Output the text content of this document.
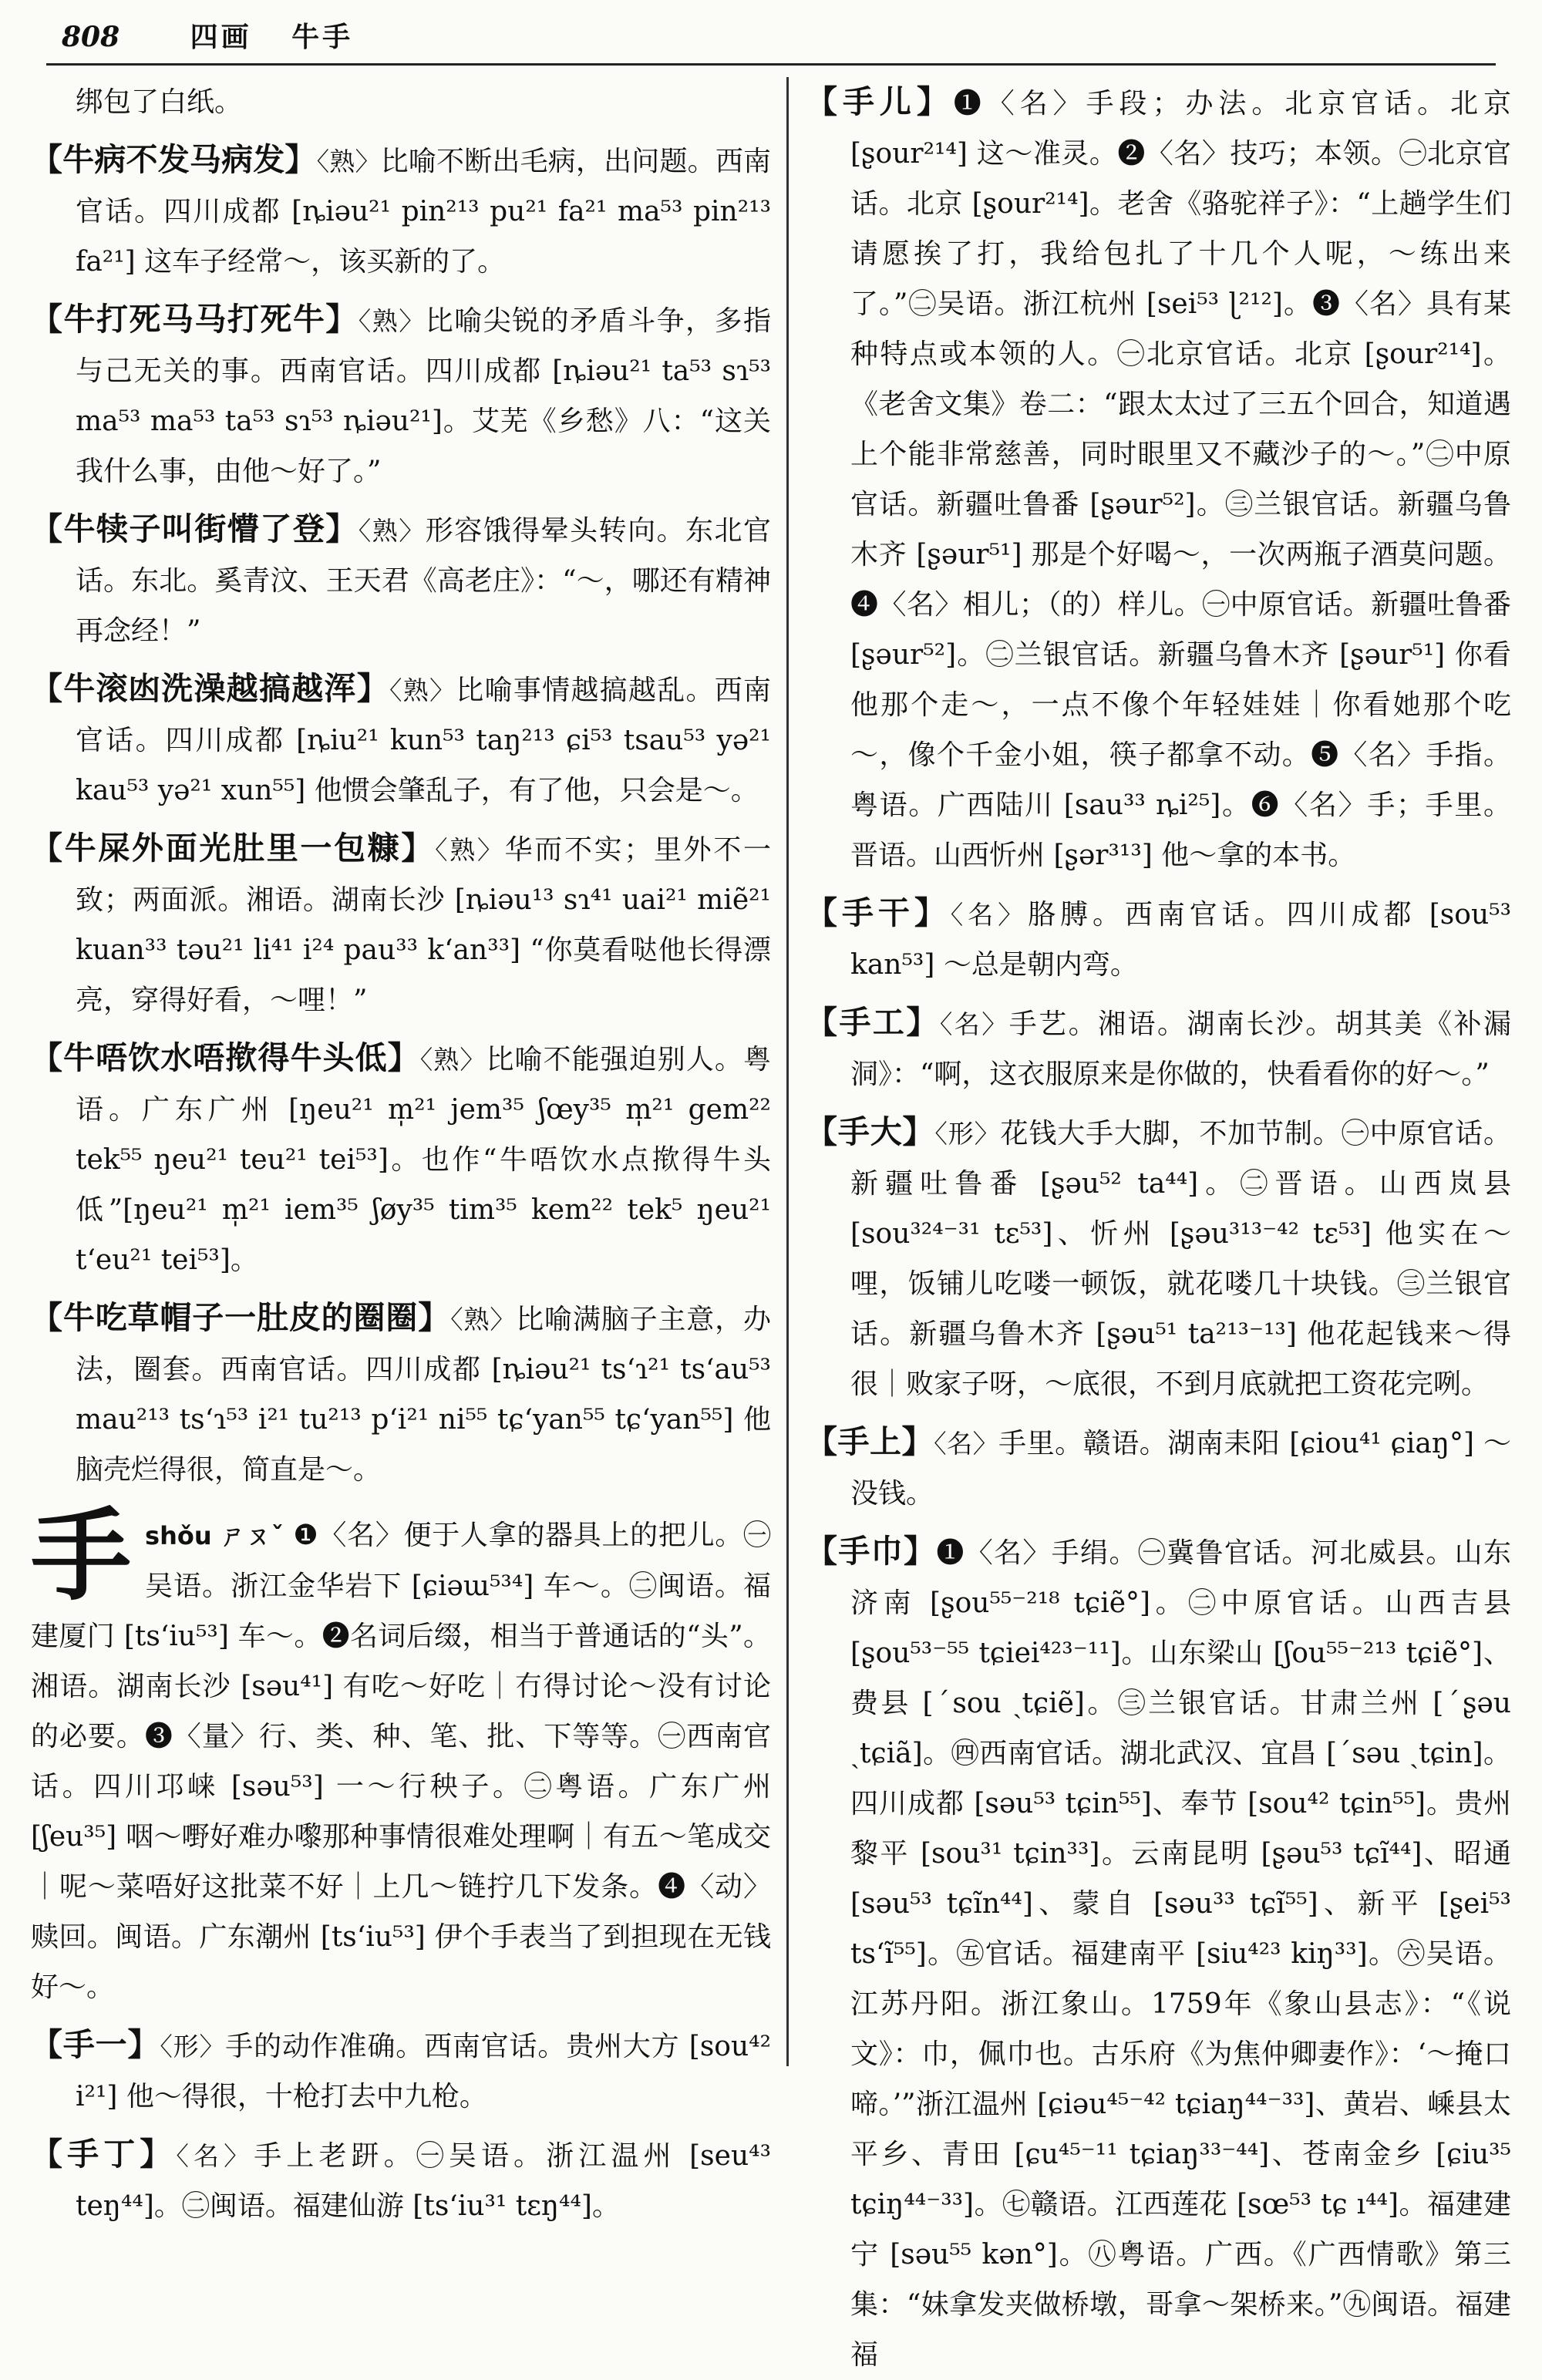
808	四画 牛手

绑包了白纸。

【牛病不发马病发】〈熟〉比喻不断出毛病，出问题。西南官话。四川成都 [ȵiəu²¹ pin²¹³ pu²¹ fa²¹ ma⁵³ pin²¹³ fa²¹] 这车子经常～，该买新的了。

【牛打死马马打死牛】〈熟〉比喻尖锐的矛盾斗争，多指与己无关的事。西南官话。四川成都 [ȵiəu²¹ ta⁵³ sɿ⁵³ ma⁵³ ma⁵³ ta⁵³ sɿ⁵³ ȵiəu²¹]。艾芜《乡愁》八：“这关我什么事，由他～好了。”

【牛犊子叫街懵了登】〈熟〉形容饿得晕头转向。东北官话。东北。奚青汶、王天君《高老庄》：“～，哪还有精神再念经！”

【牛滚凼洗澡越搞越浑】〈熟〉比喻事情越搞越乱。西南官话。四川成都 [ȵiu²¹ kun⁵³ taŋ²¹³ ɕi⁵³ tsau⁵³ yə²¹ kau⁵³ yə²¹ xun⁵⁵] 他惯会肇乱子，有了他，只会是～。

【牛屎外面光肚里一包糠】〈熟〉华而不实；里外不一致；两面派。湘语。湖南长沙 [ȵiəu¹³ sɿ⁴¹ uai²¹ miẽ²¹ kuan³³ təu²¹ li⁴¹ i²⁴ pau³³ k‘an³³] “你莫看哒他长得漂亮，穿得好看，～哩！”

【牛唔饮水唔揿得牛头低】〈熟〉比喻不能强迫别人。粤语。广东广州 [ŋeu²¹ m̩²¹ jem³⁵ ʃœy³⁵ m̩²¹ gem²² tek⁵⁵ ŋeu²¹ teu²¹ tei⁵³]。也作“牛唔饮水点揿得牛头低”[ŋeu²¹ m̩²¹ iem³⁵ ʃøy³⁵ tim³⁵ kem²² tek⁵ ŋeu²¹ t‘eu²¹ tei⁵³]。

【牛吃草帽子一肚皮的圈圈】〈熟〉比喻满脑子主意，办法，圈套。西南官话。四川成都 [ȵiəu²¹ ts‘ɿ²¹ ts‘au⁵³ mau²¹³ ts‘ɿ⁵³ i²¹ tu²¹³ p‘i²¹ ni⁵⁵ tɕ‘yan⁵⁵ tɕ‘yan⁵⁵] 他脑壳烂得很，简直是～。

手shǒu ㄕㄡˇ ❶〈名〉便于人拿的器具上的把儿。㊀吴语。浙江金华岩下 [ɕiəɯ⁵³⁴] 车～。㊁闽语。福建厦门 [ts‘iu⁵³] 车～。❷名词后缀，相当于普通话的“头”。湘语。湖南长沙 [səu⁴¹] 有吃～好吃｜冇得讨论～没有讨论的必要。❸〈量〉行、类、种、笔、批、下等等。㊀西南官话。四川邛崃 [səu⁵³] 一～行秧子。㊁粤语。广东广州 [ʃeu³⁵] 咽～嘢好难办嚟那种事情很难处理啊｜有五～笔成交｜呢～菜唔好这批菜不好｜上几～链拧几下发条。❹〈动〉赎回。闽语。广东潮州 [ts‘iu⁵³] 伊个手表当了到担现在无钱好～。

【手一】〈形〉手的动作准确。西南官话。贵州大方 [sou⁴² i²¹] 他～得很，十枪打去中九枪。

【手丁】〈名〉手上老趼。㊀吴语。浙江温州 [seu⁴³ teŋ⁴⁴]。㊁闽语。福建仙游 [ts‘iu³¹ tɛŋ⁴⁴]。

【手儿】❶〈名〉手段；办法。北京官话。北京 [ʂour²¹⁴] 这～准灵。❷〈名〉技巧；本领。㊀北京官话。北京 [ʂour²¹⁴]。老舍《骆驼祥子》：“上趟学生们请愿挨了打，我给包扎了十几个人呢，～练出来了。”㊁吴语。浙江杭州 [sei⁵³ ɭ²¹²]。❸〈名〉具有某种特点或本领的人。㊀北京官话。北京 [ʂour²¹⁴]。《老舍文集》卷二：“跟太太过了三五个回合，知道遇上个能非常慈善，同时眼里又不藏沙子的～。”㊁中原官话。新疆吐鲁番 [ʂəur⁵²]。㊂兰银官话。新疆乌鲁木齐 [ʂəur⁵¹] 那是个好喝～，一次两瓶子酒莫问题。❹〈名〉相儿；（的）样儿。㊀中原官话。新疆吐鲁番 [ʂəur⁵²]。㊁兰银官话。新疆乌鲁木齐 [ʂəur⁵¹] 你看他那个走～，一点不像个年轻娃娃｜你看她那个吃～，像个千金小姐，筷子都拿不动。❺〈名〉手指。粤语。广西陆川 [sau³³ ȵi²⁵]。❻〈名〉手；手里。晋语。山西忻州 [ʂər³¹³] 他～拿的本书。

【手干】〈名〉胳膊。西南官话。四川成都 [sou⁵³ kan⁵³] ～总是朝内弯。

【手工】〈名〉手艺。湘语。湖南长沙。胡其美《补漏洞》：“啊，这衣服原来是你做的，快看看你的好～。”

【手大】〈形〉花钱大手大脚，不加节制。㊀中原官话。新疆吐鲁番 [ʂəu⁵² ta⁴⁴]。㊁晋语。山西岚县 [sou³²⁴⁻³¹ tɛ⁵³]、忻州 [ʂəu³¹³⁻⁴² tɛ⁵³] 他实在～哩，饭铺儿吃喽一顿饭，就花喽几十块钱。㊂兰银官话。新疆乌鲁木齐 [ʂəu⁵¹ ta²¹³⁻¹³] 他花起钱来～得很｜败家子呀，～底很，不到月底就把工资花完咧。

【手上】〈名〉手里。赣语。湖南耒阳 [ɕiou⁴¹ ɕiaŋ°] ～没钱。

【手巾】❶〈名〉手绢。㊀冀鲁官话。河北威县。山东济南 [ʂou⁵⁵⁻²¹⁸ tɕiẽ°]。㊁中原官话。山西吉县 [ʂou⁵³⁻⁵⁵ tɕiei⁴²³⁻¹¹]。山东梁山 [ʃou⁵⁵⁻²¹³ tɕiẽ°]、费县 [ˊsou ˏtɕiẽ]。㊂兰银官话。甘肃兰州 [ˊʂəu ˏtɕiã]。㊃西南官话。湖北武汉、宜昌 [ˊsəu ˏtɕin]。四川成都 [səu⁵³ tɕin⁵⁵]、奉节 [sou⁴² tɕin⁵⁵]。贵州黎平 [sou³¹ tɕin³³]。云南昆明 [ʂəu⁵³ tɕĩ⁴⁴]、昭通 [səu⁵³ tɕĩn⁴⁴]、蒙自 [səu³³ tɕĩ⁵⁵]、新平 [ʂei⁵³ ts‘ĩ⁵⁵]。㊄官话。福建南平 [siu⁴²³ kiŋ³³]。㊅吴语。江苏丹阳。浙江象山。1759年《象山县志》：“《说文》：巾，佩巾也。古乐府《为焦仲卿妻作》：‘～掩口啼。’”浙江温州 [ɕiəu⁴⁵⁻⁴² tɕiaŋ⁴⁴⁻³³]、黄岩、嵊县太平乡、青田 [ɕu⁴⁵⁻¹¹ tɕiaŋ³³⁻⁴⁴]、苍南金乡 [ɕiu³⁵ tɕiŋ⁴⁴⁻³³]。㊆赣语。江西莲花 [sœ⁵³ tɕ ı⁴⁴]。福建建宁 [səu⁵⁵ kən°]。㊇粤语。广西。《广西情歌》第三集：“妹拿发夹做桥墩，哥拿～架桥来。”㊈闽语。福建福
